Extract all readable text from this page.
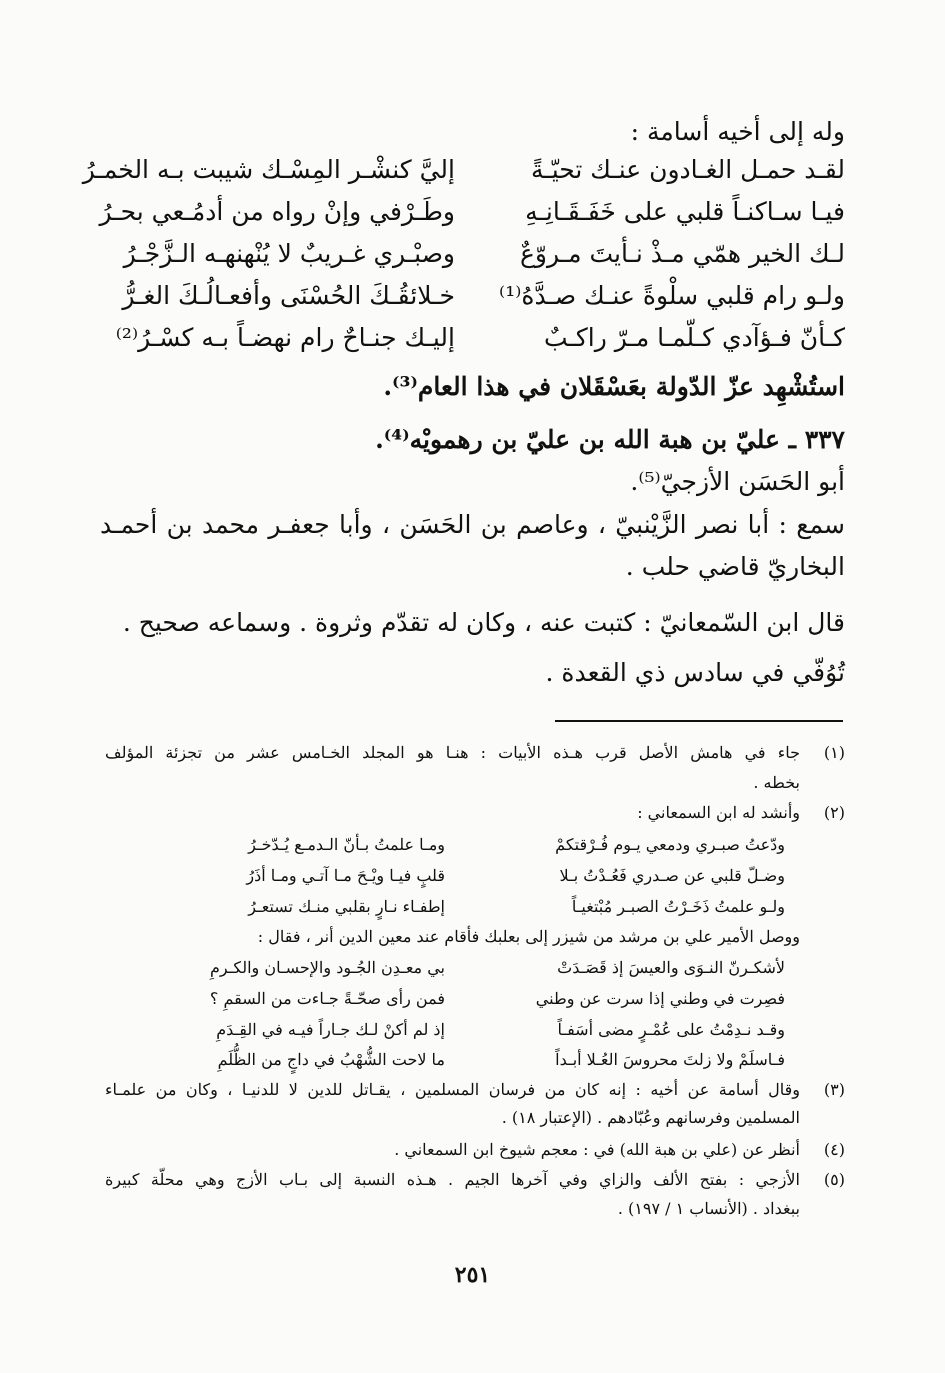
وله إلى أخيه أسامة :
لقـد حمـل الغـادون عنـك تحيّـةً
إليَّ كنشْـر المِسْـك شيبت بـه الخمـرُ
فيـا سـاكنـاً قلبي على خَفَـقَـانِـهِ
وطَـرْفي وإنْ رواه من أدمُـعي بحـرُ
لـك الخير همّي مـذْ نـأيتَ مـروّعٌ
وصبْـري غـريبٌ لا يُنْهنهـه الـزَّجْـرُ
ولـو رام قلبي سلْوةً عنـك صـدَّهُ⁽¹⁾
خـلائقُـكَ الحُسْنَى وأفعـالُـكَ الغـرُّ
كـأنّ فـؤآدي كـلّمـا مـرّ راكـبٌ
إليـك جنـاحٌ رام نهضـاً بـه كسْـرُ⁽²⁾
استُشْهِد عزّ الدّولة بعَسْقَلان في هذا العام⁽³⁾.
٣٣٧ ـ عليّ بن هبة الله بن عليّ بن رهمويْه⁽⁴⁾.
أبو الحَسَن الأزجيّ⁽⁵⁾.
سمع : أبا نصر الزَّيْنبيّ ، وعاصم بن الحَسَن ، وأبا جعفـر محمد بن أحمـد
البخاريّ قاضي حلب .
قال ابن السّمعانيّ : كتبت عنه ، وكان له تقدّم وثروة . وسماعه صحيح .
تُوُفّي في سادس ذي القعدة .
(١)
جاء في هامش الأصل قرب هـذه الأبيات : هنـا هو المجلد الخـامس عشر من تجزئة المؤلف
بخطه .
(٢)
وأنشد له ابن السمعاني :
ودّعتُ صبـري ودمعي يـوم فُـرْقتكمْ
ومـا علمتُ بـأنّ الـدمـع يُـدّخـرُ
وضـلّ قلبي عن صـدري فَعُـدْتُ بـلا
قلبٍ فيـا ويْـحَ مـا آتـي ومـا أذَرُ
ولـو علمتُ ذَخَـرْتُ الصبـر مُبْتغيـاً
إطفـاء نـارٍ بقلبي منـك تستعـرُ
ووصل الأمير علي بن مرشد من شيزر إلى بعلبك فأقام عند معين الدين أنر ، فقال :
لأشكـرنّ النـوَى والعيسَ إذ قَصَـدَتْ
بي معـدِن الجُـود والإحسـان والكـرمِ
فصِرت في وطني إذا سرت عن وطني
فمن رأى صحّـةً جـاءت من السقمِ ؟
وقـد نـدِمْتُ على عُمْـرٍ مضى أسَفـاً
إذ لم أكنْ لـك جـاراً فيـه في القِـدَمِ
فـاسلَمْ ولا زلتَ محروسَ العُـلا أبـداً
ما لاحت الشُّهْبُ في داجٍ من الظُّلَمِ
(٣)
وقال أسامة عن أخيه : إنه كان من فرسان المسلمين ، يقـاتل للدين لا للدنيـا ، وكان من علمـاء
المسلمين وفرسانهم وعُبّادهم . (الإعتبار ١٨) .
(٤)
أنظر عن (علي بن هبة الله) في : معجم شيوخ ابن السمعاني .
(٥)
الأزجي : بفتح الألف والزاي وفي آخرها الجيم . هـذه النسبة إلى بـاب الأزج وهي محلّة كبيرة
ببغداد . (الأنساب ١ / ١٩٧) .
٢٥١
